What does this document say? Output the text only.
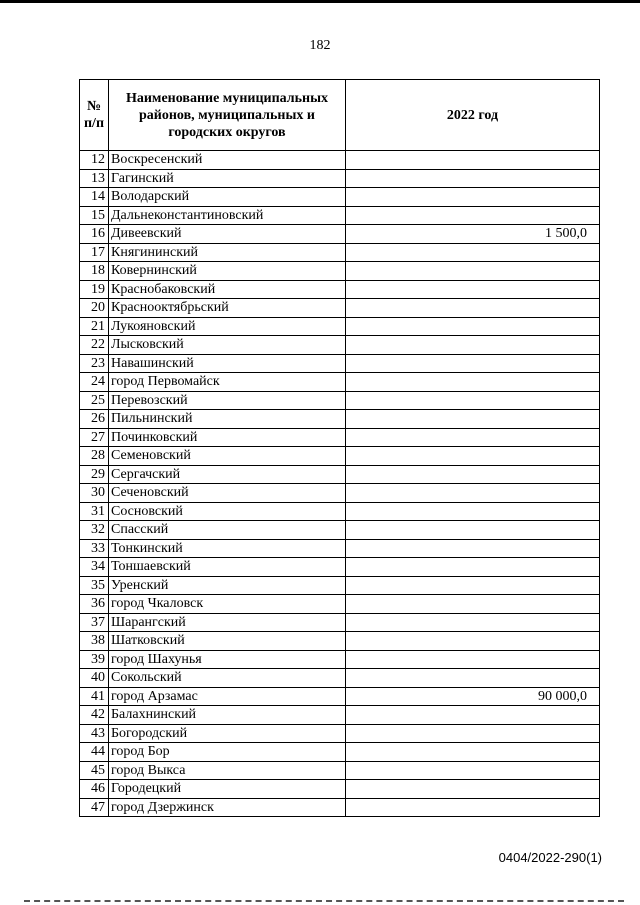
182
№ п/п	Наименование муниципальных районов, муниципальных и городских округов	2022 год
12	Воскресенский	
13	Гагинский	
14	Володарский	
15	Дальнеконстантиновский	
16	Дивеевский	1 500,0
17	Княгининский	
18	Ковернинский	
19	Краснобаковский	
20	Краснооктябрьский	
21	Лукояновский	
22	Лысковский	
23	Навашинский	
24	город Первомайск	
25	Перевозский	
26	Пильнинский	
27	Починковский	
28	Семеновский	
29	Сергачский	
30	Сеченовский	
31	Сосновский	
32	Спасский	
33	Тонкинский	
34	Тоншаевский	
35	Уренский	
36	город Чкаловск	
37	Шарангский	
38	Шатковский	
39	город Шахунья	
40	Сокольский	
41	город Арзамас	90 000,0
42	Балахнинский	
43	Богородский	
44	город Бор	
45	город Выкса	
46	Городецкий	
47	город Дзержинск	
0404/2022-290(1)
